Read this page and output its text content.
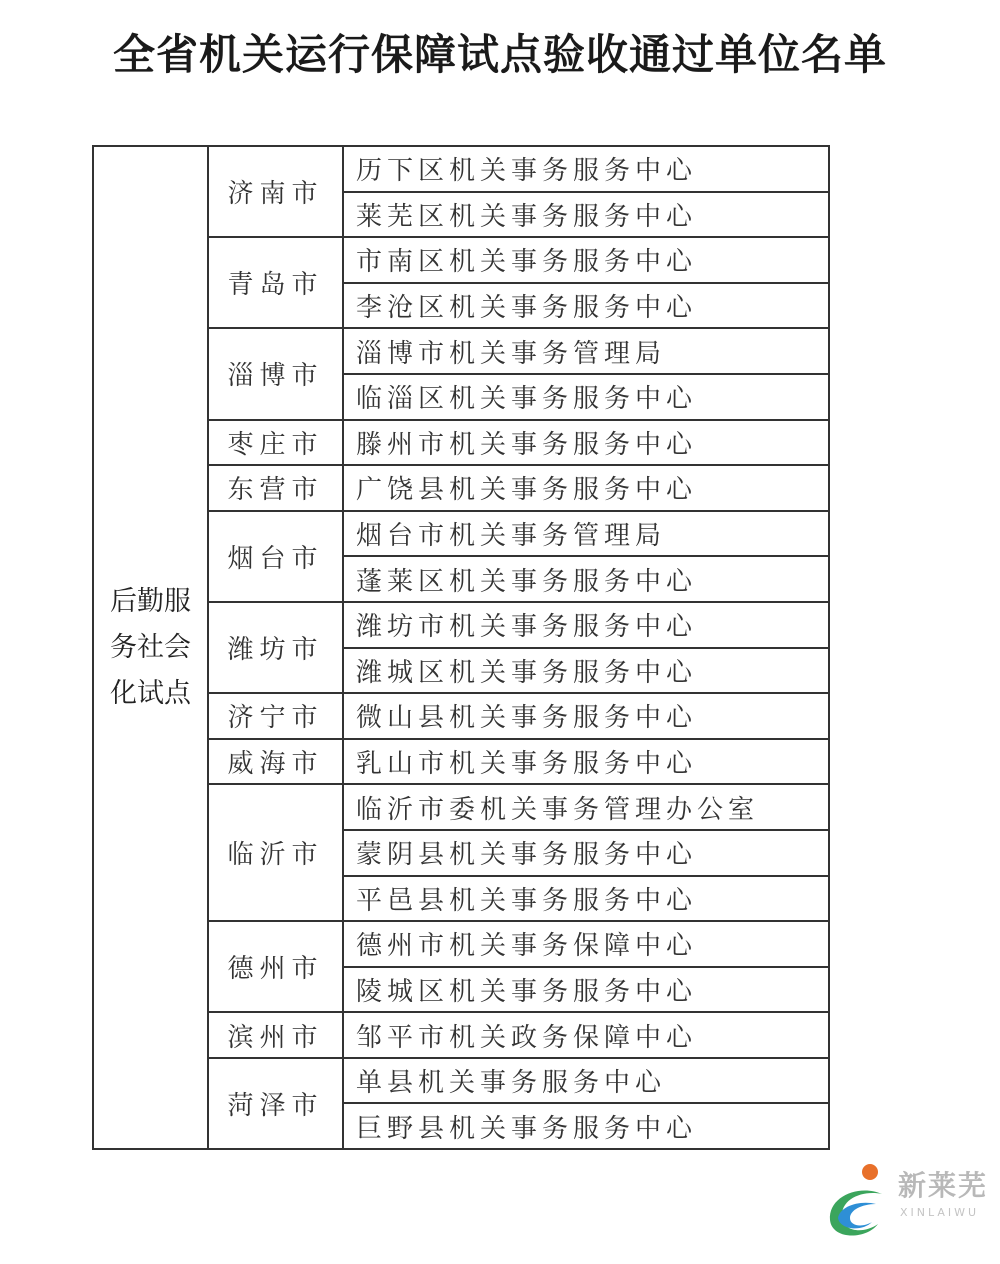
全省机关运行保障试点验收通过单位名单
后勤服务社会化试点	济南市	历下区机关事务服务中心
		莱芜区机关事务服务中心
	青岛市	市南区机关事务服务中心
		李沧区机关事务服务中心
	淄博市	淄博市机关事务管理局
		临淄区机关事务服务中心
	枣庄市	滕州市机关事务服务中心
	东营市	广饶县机关事务服务中心
	烟台市	烟台市机关事务管理局
		蓬莱区机关事务服务中心
	潍坊市	潍坊市机关事务服务中心
		潍城区机关事务服务中心
	济宁市	微山县机关事务服务中心
	威海市	乳山市机关事务服务中心
	临沂市	临沂市委机关事务管理办公室
		蒙阴县机关事务服务中心
		平邑县机关事务服务中心
	德州市	德州市机关事务保障中心
		陵城区机关事务服务中心
	滨州市	邹平市机关政务保障中心
	菏泽市	单县机关事务服务中心
		巨野县机关事务服务中心
新莱芜
XINLAIWU
